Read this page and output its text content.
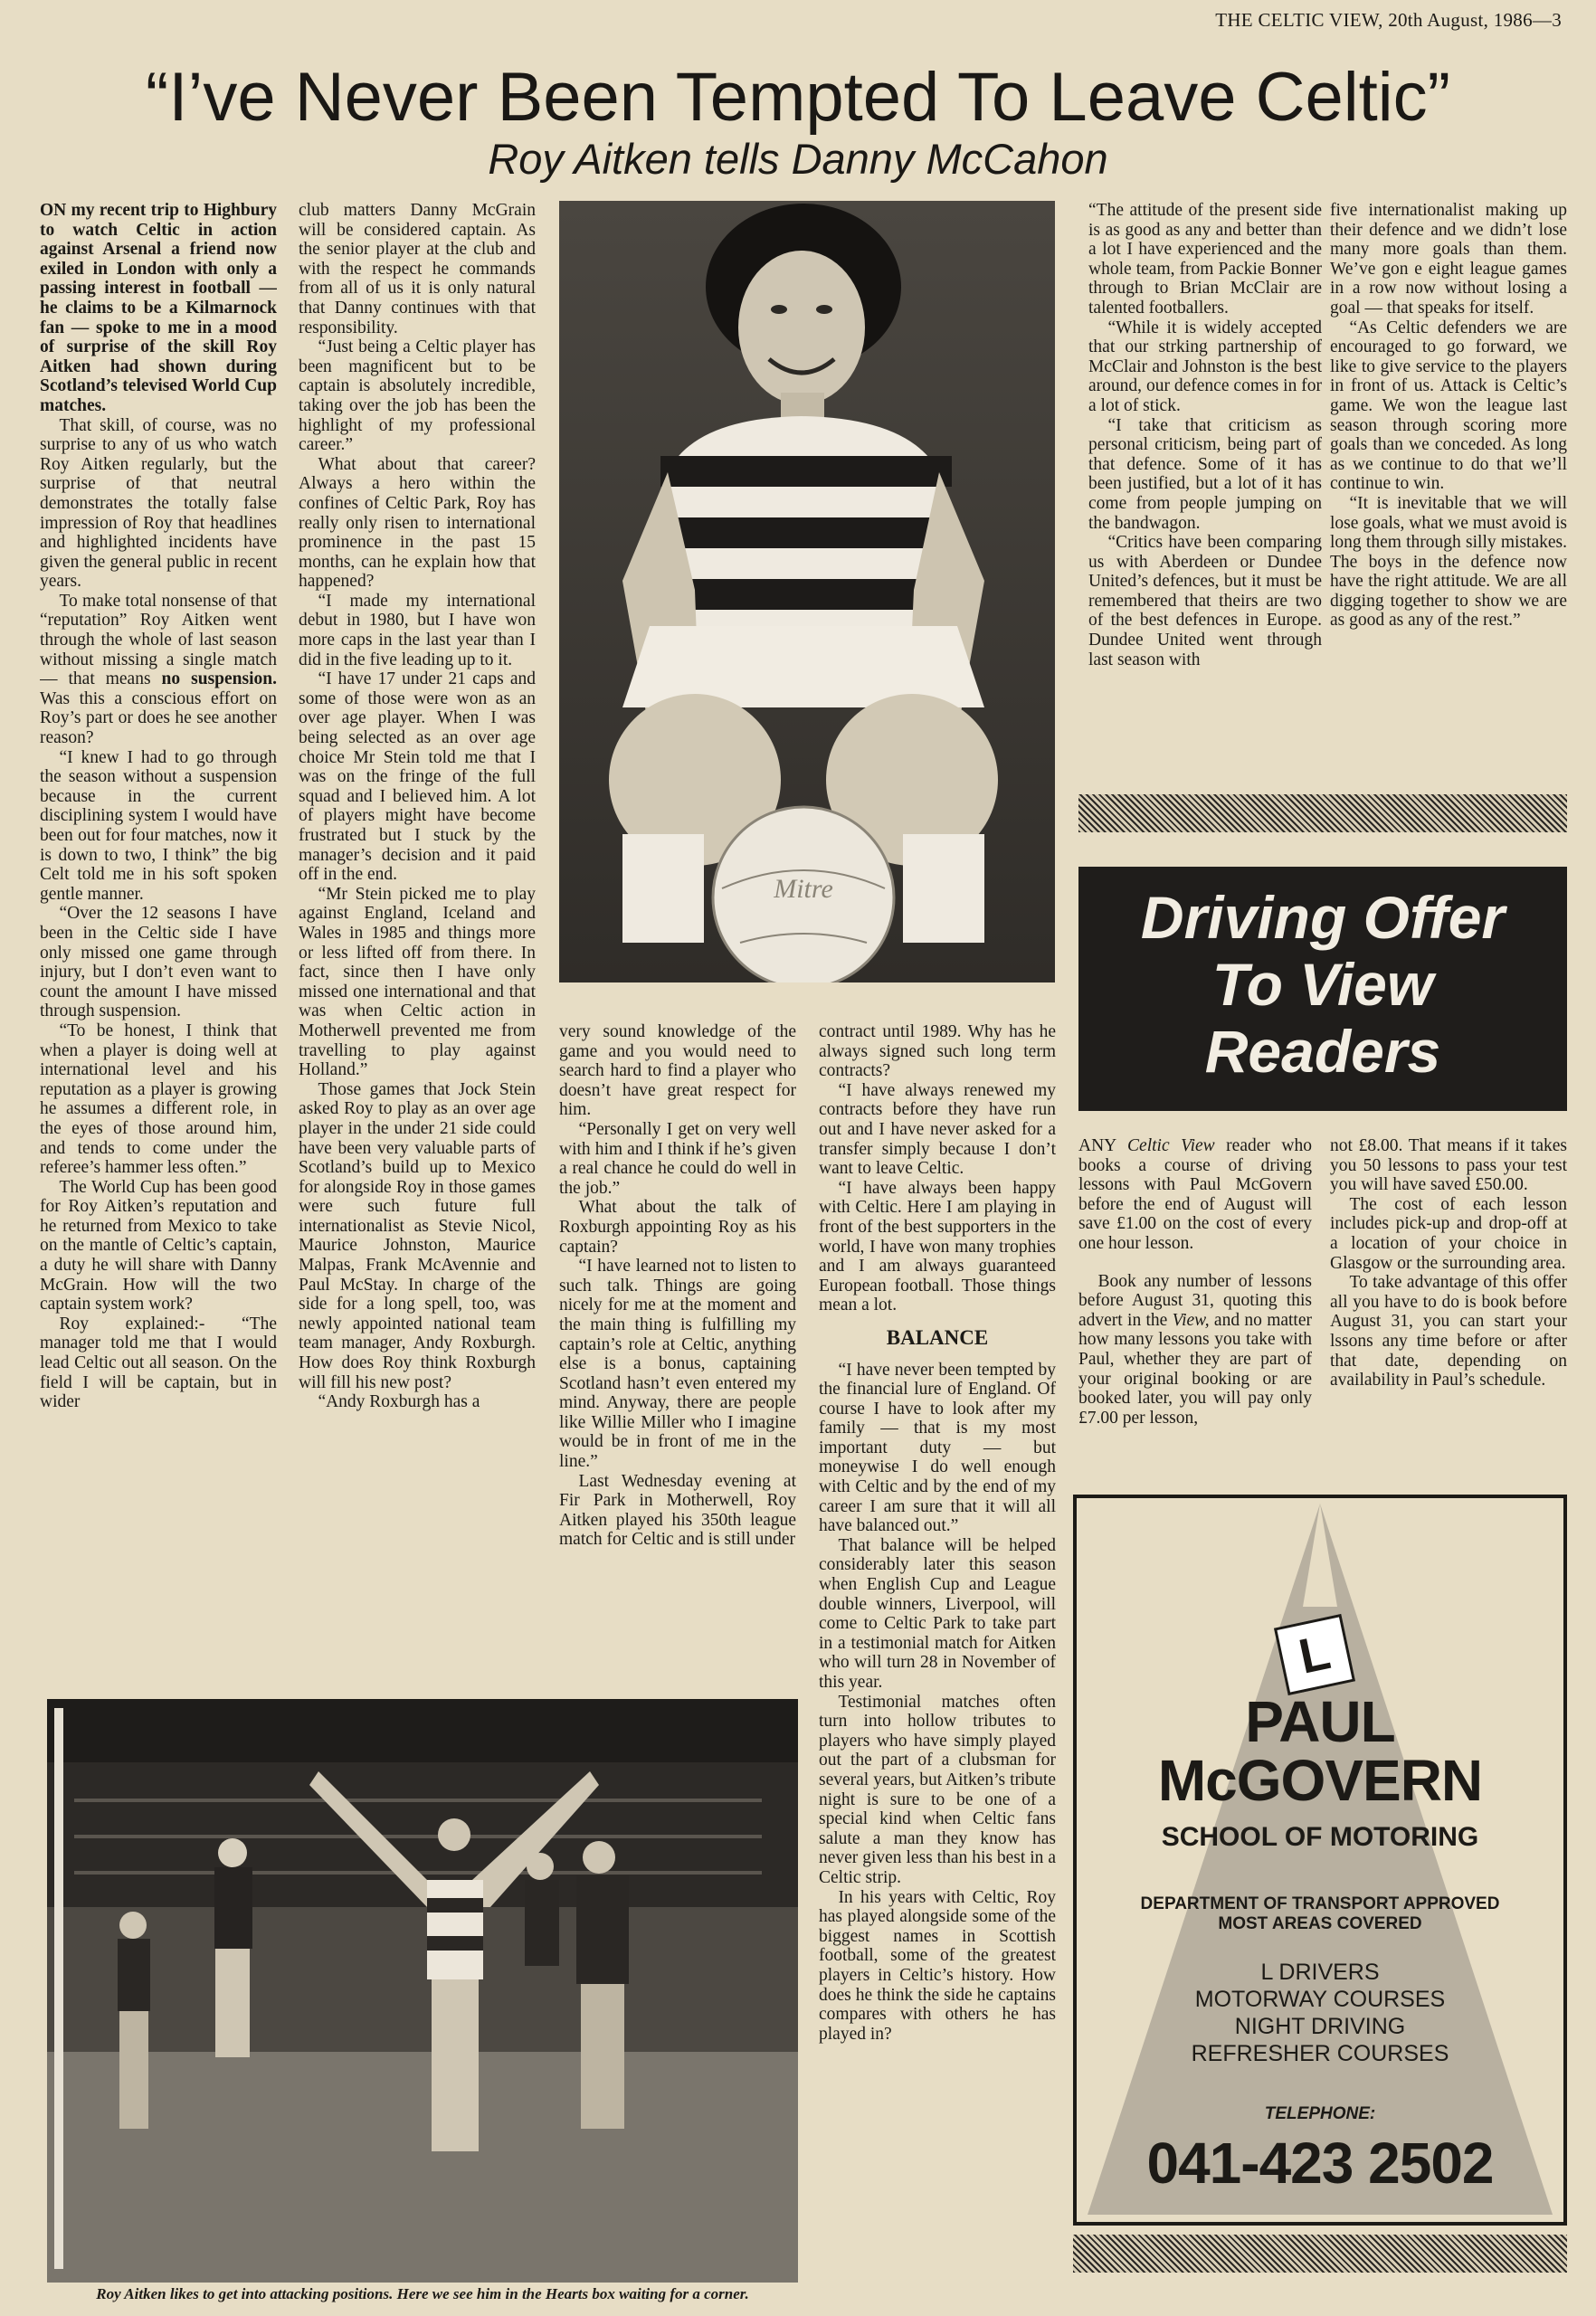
THE CELTIC VIEW, 20th August, 1986—3
“I’ve Never Been Tempted To Leave Celtic”
Roy Aitken tells Danny McCahon

ON my recent trip to Highbury to watch Celtic in action against Arsenal a friend now exiled in London with only a passing interest in football — he claims to be a Kilmarnock fan — spoke to me in a mood of surprise of the skill Roy Aitken had shown during Scotland’s televised World Cup matches.

That skill, of course, was no surprise to any of us who watch Roy Aitken regularly, but the surprise of that neutral demonstrates the totally false impression of Roy that headlines and highlighted incidents have given the general public in recent years.

To make total nonsense of that “reputation” Roy Aitken went through the whole of last season without missing a single match — that means no suspension. Was this a conscious effort on Roy’s part or does he see another reason?

“I knew I had to go through the season without a suspension because in the current disciplining system I would have been out for four matches, now it is down to two, I think” the big Celt told me in his soft spoken gentle manner.

“Over the 12 seasons I have been in the Celtic side I have only missed one game through injury, but I don’t even want to count the amount I have missed through suspension.

“To be honest, I think that when a player is doing well at international level and his reputation as a player is growing he assumes a different role, in the eyes of those around him, and tends to come under the referee’s hammer less often.”

The World Cup has been good for Roy Aitken’s reputation and he returned from Mexico to take on the mantle of Celtic’s captain, a duty he will share with Danny McGrain. How will the two captain system work?

Roy explained:- “The manager told me that I would lead Celtic out all season. On the field I will be captain, but in wider

club matters Danny McGrain will be considered captain. As the senior player at the club and with the respect he commands from all of us it is only natural that Danny continues with that responsibility.

“Just being a Celtic player has been magnificent but to be captain is absolutely incredible, taking over the job has been the highlight of my professional career.”

What about that career? Always a hero within the confines of Celtic Park, Roy has really only risen to international prominence in the past 15 months, can he explain how that happened?

“I made my international debut in 1980, but I have won more caps in the last year than I did in the five leading up to it.

“I have 17 under 21 caps and some of those were won as an over age player. When I was being selected as an over age choice Mr Stein told me that I was on the fringe of the full squad and I believed him. A lot of players might have become frustrated but I stuck by the manager’s decision and it paid off in the end.

“Mr Stein picked me to play against England, Iceland and Wales in 1985 and things more or less lifted off from there. In fact, since then I have only missed one international and that was when Celtic action in Motherwell prevented me from travelling to play against Holland.”

Those games that Jock Stein asked Roy to play as an over age player in the under 21 side could have been very valuable parts of Scotland’s build up to Mexico for alongside Roy in those games were such future full internationalist as Stevie Nicol, Maurice Johnston, Maurice Malpas, Frank McAvennie and Paul McStay. In charge of the side for a long spell, too, was newly appointed national team team manager, Andy Roxburgh. How does Roy think Roxburgh will fill his new post?

“Andy Roxburgh has a

Mitre

very sound knowledge of the game and you would need to search hard to find a player who doesn’t have great respect for him.

“Personally I get on very well with him and I think if he’s given a real chance he could do well in the job.”

What about the talk of Roxburgh appointing Roy as his captain?

“I have learned not to listen to such talk. Things are going nicely for me at the moment and the main thing is fulfilling my captain’s role at Celtic, anything else is a bonus, captaining Scotland hasn’t even entered my mind. Anyway, there are people like Willie Miller who I imagine would be in front of me in the line.”

Last Wednesday evening at Fir Park in Motherwell, Roy Aitken played his 350th league match for Celtic and is still under

contract until 1989. Why has he always signed such long term contracts?

“I have always renewed my contracts before they have run out and I have never asked for a transfer simply because I don’t want to leave Celtic.

“I have always been happy with Celtic. Here I am playing in front of the best supporters in the world, I have won many trophies and I am always guaranteed European football. Those things mean a lot.

BALANCE

“I have never been tempted by the financial lure of England. Of course I have to look after my family — that is my most important duty — but moneywise I do well enough with Celtic and by the end of my career I am sure that it will all have balanced out.”

That balance will be helped considerably later this season when English Cup and League double winners, Liverpool, will come to Celtic Park to take part in a testimonial match for Aitken who will turn 28 in November of this year.

Testimonial matches often turn into hollow tributes to players who have simply played out the part of a clubsman for several years, but Aitken’s tribute night is sure to be one of a special kind when Celtic fans salute a man they know has never given less than his best in a Celtic strip.

In his years with Celtic, Roy has played alongside some of the biggest names in Scottish football, some of the greatest players in Celtic’s history. How does he think the side he captains compares with others he has played in?

“The attitude of the present side is as good as any and better than a lot I have experienced and the whole team, from Packie Bonner through to Brian McClair are talented footballers.

“While it is widely accepted that our strking partnership of McClair and Johnston is the best around, our defence comes in for a lot of stick.

“I take that criticism as personal criticism, being part of that defence. Some of it has been justified, but a lot of it has come from people jumping on the bandwagon.

“Critics have been comparing us with Aberdeen or Dundee United’s defences, but it must be remembered that theirs are two of the best defences in Europe. Dundee United went through last season with

five internationalist making up their defence and we didn’t lose many more goals than them. We’ve gon e eight league games in a row now without losing a goal — that speaks for itself.

“As Celtic defenders we are encouraged to go forward, we like to give service to the players in front of us. Attack is Celtic’s game. We won the league last season through scoring more goals than we conceded. As long as we continue to do that we’ll continue to win.

“It is inevitable that we will lose goals, what we must avoid is long them through silly mistakes. The boys in the defence now have the right attitude. We are all digging together to show we are as good as any of the rest.”

Roy Aitken likes to get into attacking positions. Here we see him in the Hearts box waiting for a corner.
Driving Offer
To View
Readers

ANY Celtic View reader who books a course of driving lessons with Paul McGovern before the end of August will save £1.00 on the cost of every one hour lesson.

Book any number of lessons before August 31, quoting this advert in the View, and no matter how many lessons you take with Paul, whether they are part of your original booking or are booked later, you will pay only £7.00 per lesson,

not £8.00. That means if it takes you 50 lessons to pass your test you will have saved £50.00.

The cost of each lesson includes pick-up and drop-off at a location of your choice in Glasgow or the surrounding area.

To take advantage of this offer all you have to do is book before August 31, you can start your lssons any time before or after that date, depending on availability in Paul’s schedule.

L
PAUL
McGOVERN
SCHOOL OF MOTORING
DEPARTMENT OF TRANSPORT APPROVED
MOST AREAS COVERED
L DRIVERS
MOTORWAY COURSES
NIGHT DRIVING
REFRESHER COURSES
TELEPHONE:
041-423 2502
